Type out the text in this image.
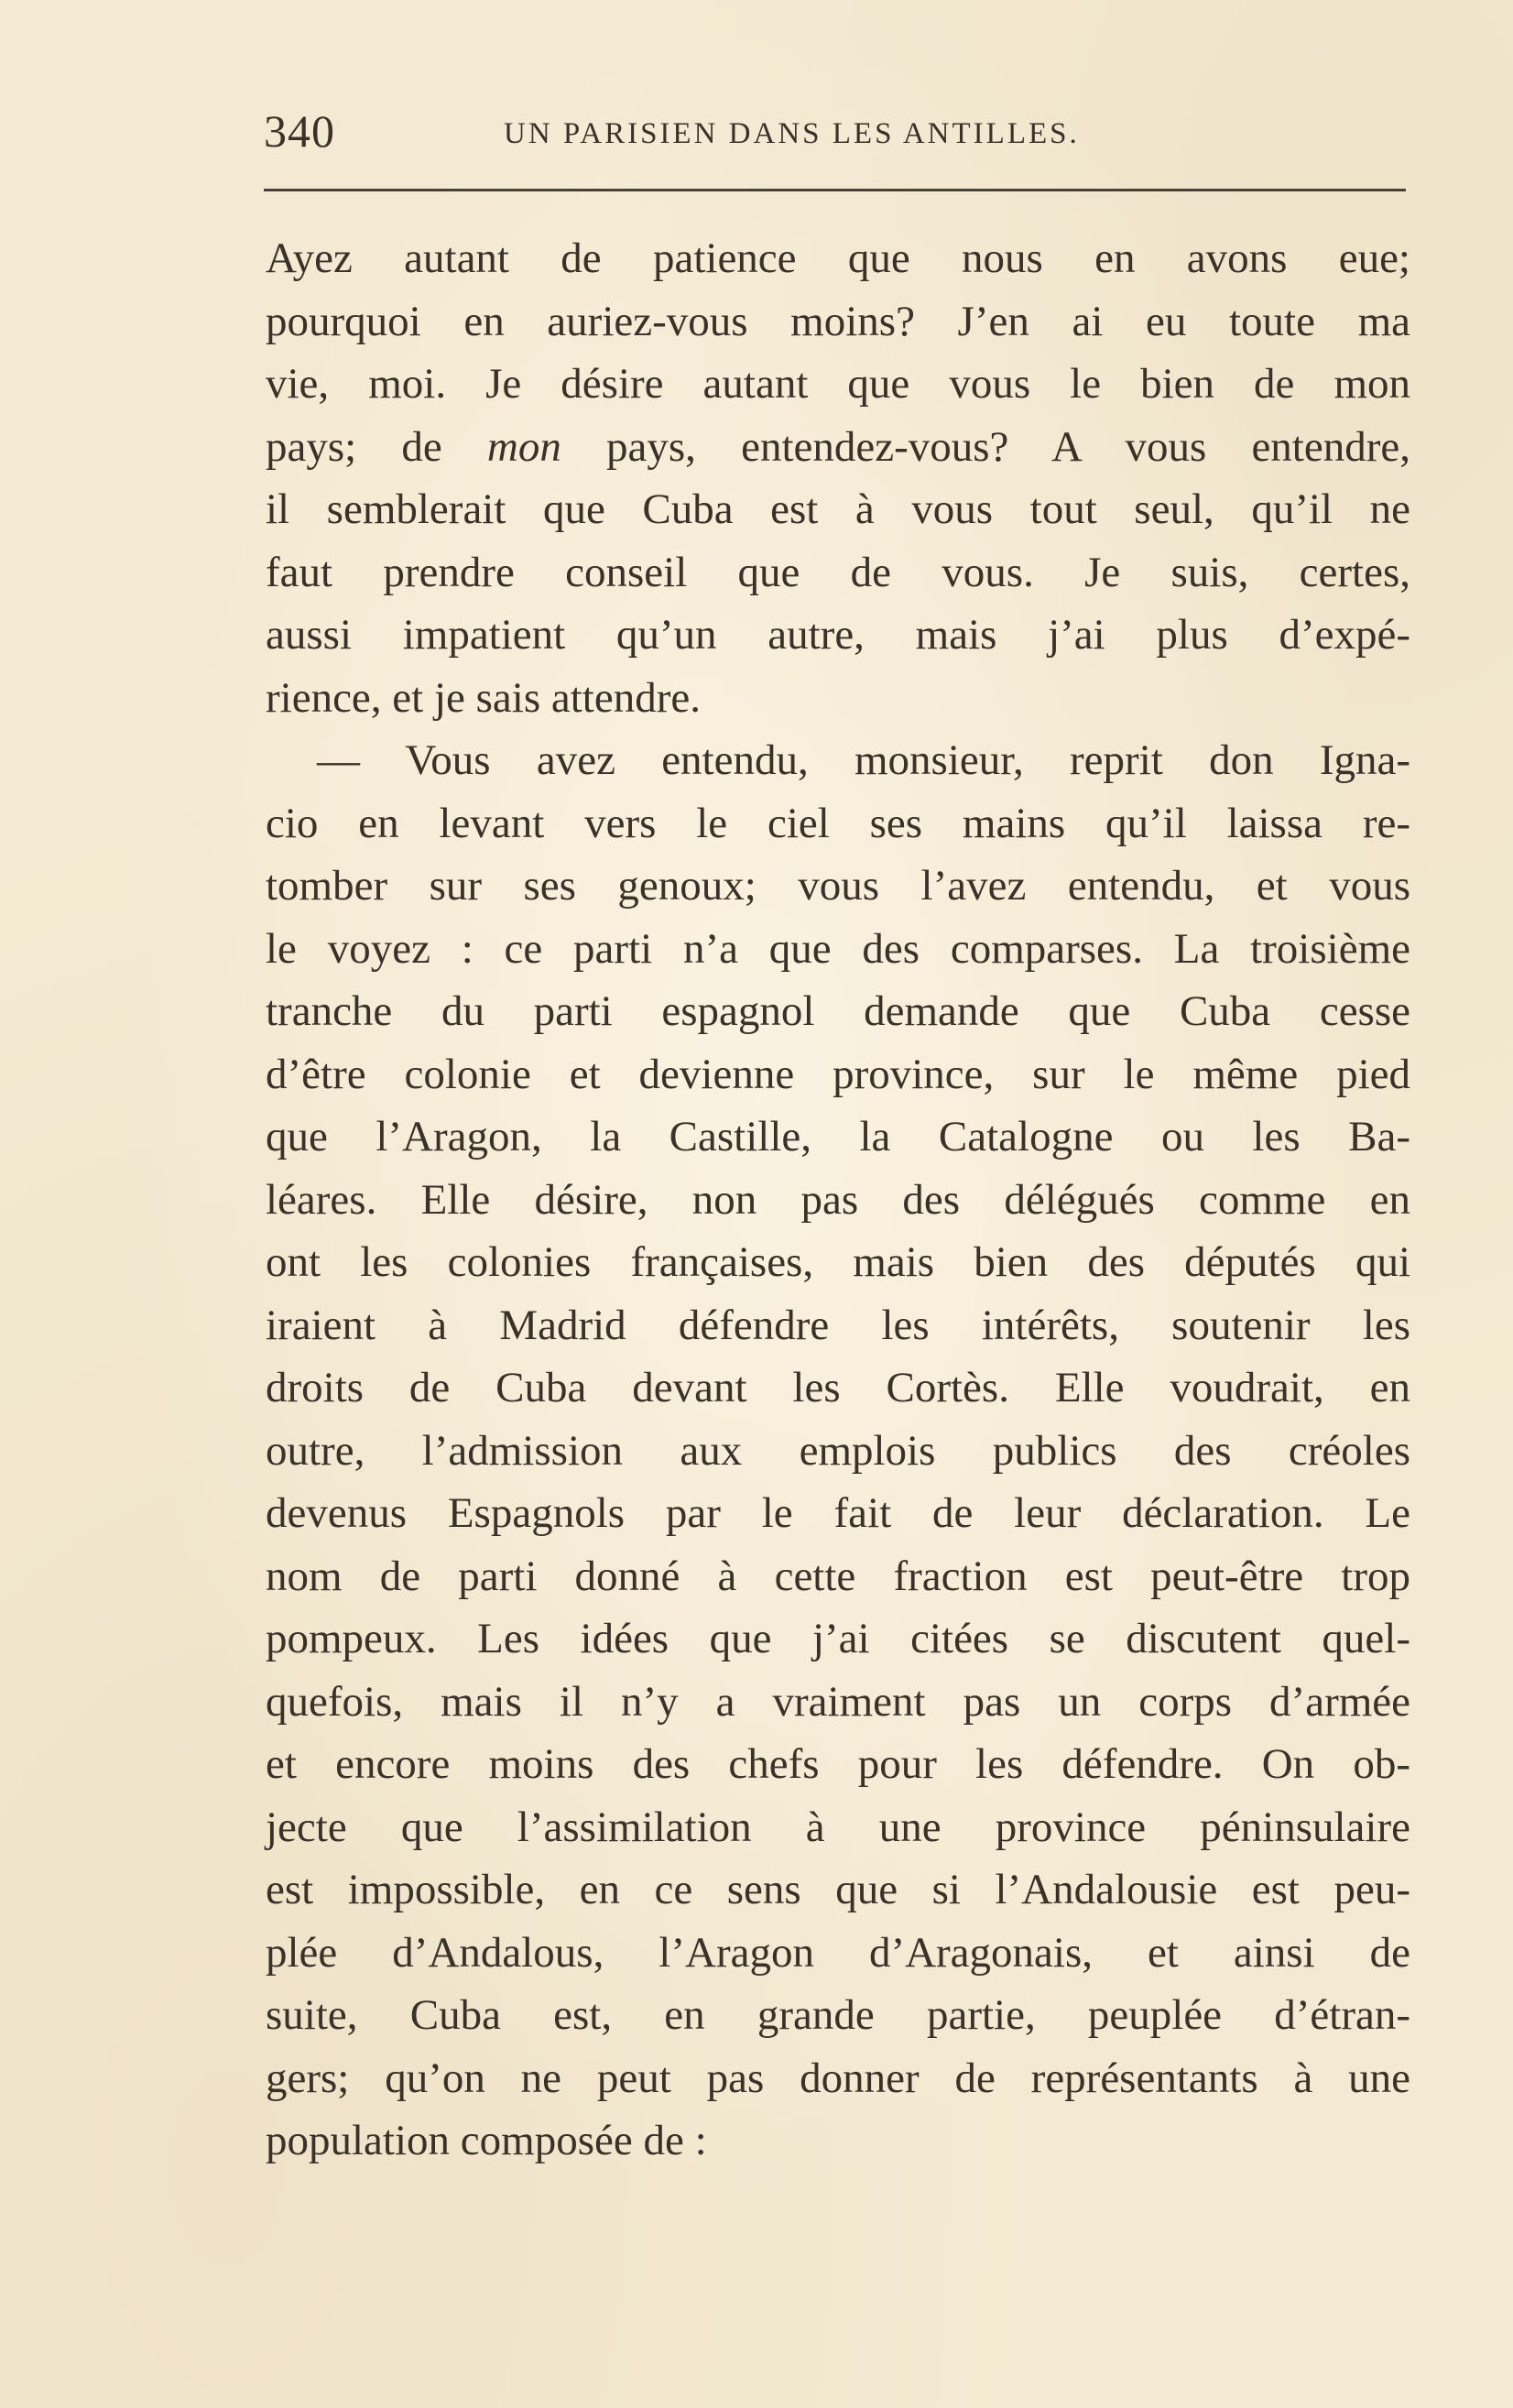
340	UN PARISIEN DANS LES ANTILLES.
Ayez autant de patience que nous en avons eue;
pourquoi en auriez-vous moins? J’en ai eu toute ma
vie, moi. Je désire autant que vous le bien de mon
pays; de mon pays, entendez-vous? A vous entendre,
il semblerait que Cuba est à vous tout seul, qu’il ne
faut prendre conseil que de vous. Je suis, certes,
aussi impatient qu’un autre, mais j’ai plus d’expé-
rience, et je sais attendre.
— Vous avez entendu, monsieur, reprit don Igna-
cio en levant vers le ciel ses mains qu’il laissa re-
tomber sur ses genoux; vous l’avez entendu, et vous
le voyez : ce parti n’a que des comparses. La troisième
tranche du parti espagnol demande que Cuba cesse
d’être colonie et devienne province, sur le même pied
que l’Aragon, la Castille, la Catalogne ou les Ba-
léares. Elle désire, non pas des délégués comme en
ont les colonies françaises, mais bien des députés qui
iraient à Madrid défendre les intérêts, soutenir les
droits de Cuba devant les Cortès. Elle voudrait, en
outre, l’admission aux emplois publics des créoles
devenus Espagnols par le fait de leur déclaration. Le
nom de parti donné à cette fraction est peut-être trop
pompeux. Les idées que j’ai citées se discutent quel-
quefois, mais il n’y a vraiment pas un corps d’armée
et encore moins des chefs pour les défendre. On ob-
jecte que l’assimilation à une province péninsulaire
est impossible, en ce sens que si l’Andalousie est peu-
plée d’Andalous, l’Aragon d’Aragonais, et ainsi de
suite, Cuba est, en grande partie, peuplée d’étran-
gers; qu’on ne peut pas donner de représentants à une
population composée de :
